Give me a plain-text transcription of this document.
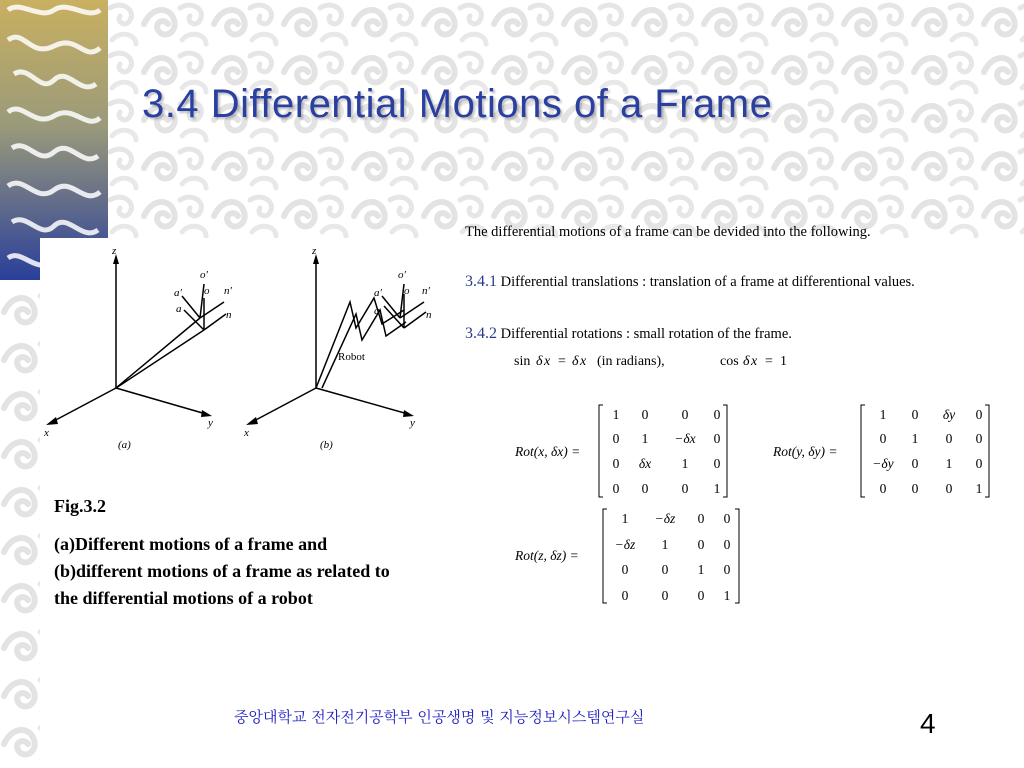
3.4 Differential Motions of a Frame
The differential motions of a frame can be devided into the following.
3.4.1 Differential translations : translation of a frame at differentional values.
3.4.2 Differential rotations : small rotation of the frame.
z
x
y
a′
o′
n′
a
o
n
(a)
z
x
y
a′
o′
n′
a
o
n
(b)
Robot	sin δ x = δ x (in radians),	cos δ x = 1
Rot(x, δx) =
1 0 0 0
0 1 −δx 0
0 δx 1 0
0 0 0 1
Rot(y, δy) =
1 0 δy 0
0 1 0 0
−δy 0 1 0
0 0 0 1
Rot(z, δz) =
1 −δz 0 0
−δz 1 0 0
0 0 1 0
0 0 0 1
Fig.3.2
(a)Different motions of a frame and
(b)different motions of a frame as related to
the differential motions of a robot
중앙대학교 전자전기공학부 인공생명 및 지능정보시스템연구실	4
